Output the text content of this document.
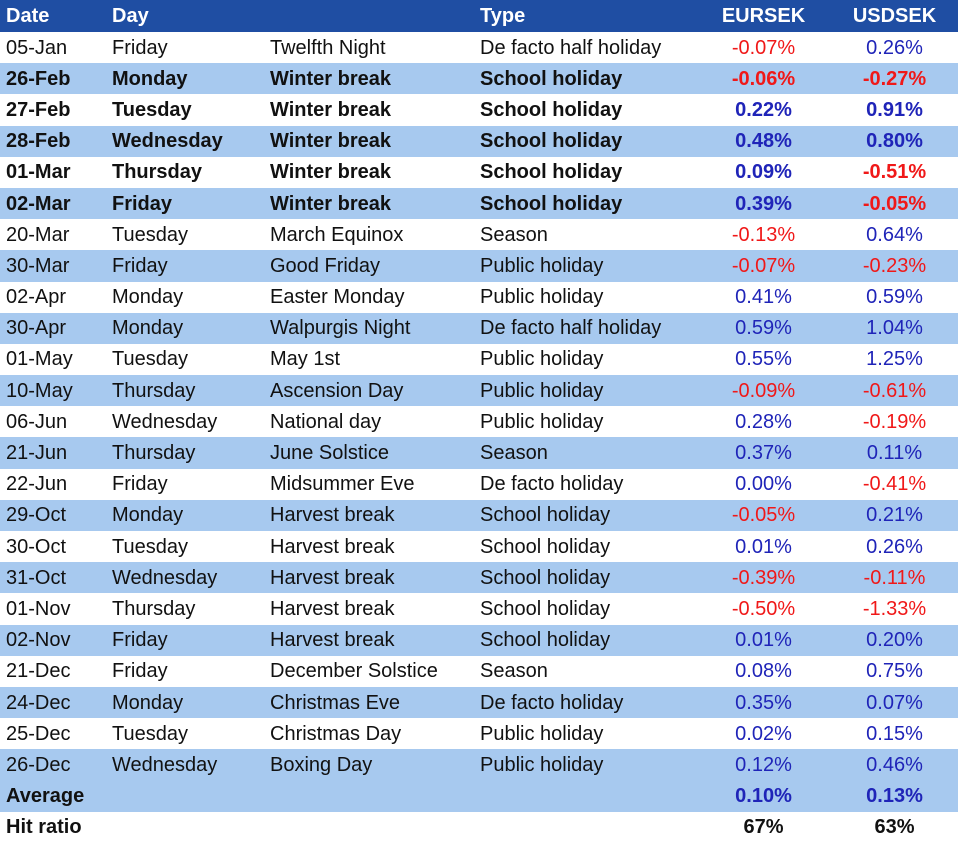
Date	Day		Type	EURSEK	USDSEK
05-Jan	Friday	Twelfth Night	De facto half holiday	-0.07%	0.26%
26-Feb	Monday	Winter break	School holiday	-0.06%	-0.27%
27-Feb	Tuesday	Winter break	School holiday	0.22%	0.91%
28-Feb	Wednesday	Winter break	School holiday	0.48%	0.80%
01-Mar	Thursday	Winter break	School holiday	0.09%	-0.51%
02-Mar	Friday	Winter break	School holiday	0.39%	-0.05%
20-Mar	Tuesday	March Equinox	Season	-0.13%	0.64%
30-Mar	Friday	Good Friday	Public holiday	-0.07%	-0.23%
02-Apr	Monday	Easter Monday	Public holiday	0.41%	0.59%
30-Apr	Monday	Walpurgis Night	De facto half holiday	0.59%	1.04%
01-May	Tuesday	May 1st	Public holiday	0.55%	1.25%
10-May	Thursday	Ascension Day	Public holiday	-0.09%	-0.61%
06-Jun	Wednesday	National day	Public holiday	0.28%	-0.19%
21-Jun	Thursday	June Solstice	Season	0.37%	0.11%
22-Jun	Friday	Midsummer Eve	De facto holiday	0.00%	-0.41%
29-Oct	Monday	Harvest break	School holiday	-0.05%	0.21%
30-Oct	Tuesday	Harvest break	School holiday	0.01%	0.26%
31-Oct	Wednesday	Harvest break	School holiday	-0.39%	-0.11%
01-Nov	Thursday	Harvest break	School holiday	-0.50%	-1.33%
02-Nov	Friday	Harvest break	School holiday	0.01%	0.20%
21-Dec	Friday	December Solstice	Season	0.08%	0.75%
24-Dec	Monday	Christmas Eve	De facto holiday	0.35%	0.07%
25-Dec	Tuesday	Christmas Day	Public holiday	0.02%	0.15%
26-Dec	Wednesday	Boxing Day	Public holiday	0.12%	0.46%
Average				0.10%	0.13%
Hit ratio				67%	63%
